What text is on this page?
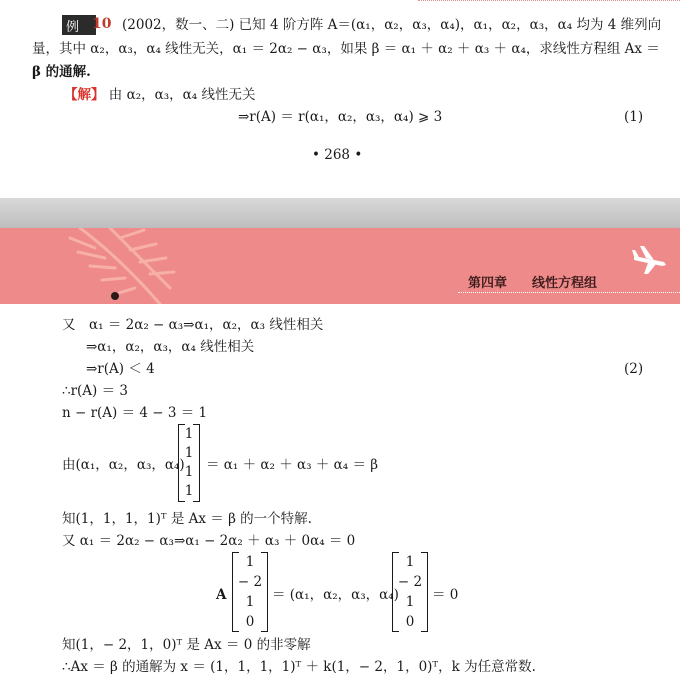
例 10 (2002，数一、二) 已知 4 阶方阵 A＝(α₁，α₂，α₃，α₄)，α₁，α₂，α₃，α₄ 均为 4 维列向
量，其中 α₂，α₃，α₄ 线性无关，α₁ ＝ 2α₂ − α₃，如果 β ＝ α₁ ＋ α₂ ＋ α₃ ＋ α₄，求线性方程组 Ax ＝
β 的通解.
【解】 由 α₂，α₃，α₄ 线性无关
⇒r(A) ＝ r(α₁，α₂，α₃，α₄) ⩾ 3	(1)
• 268 •
第四章 线性方程组
又　α₁ ＝ 2α₂ − α₃⇒α₁，α₂，α₃ 线性相关
⇒α₁，α₂，α₃，α₄ 线性相关
⇒r(A) ＜ 4	(2)
∴r(A) ＝ 3
n − r(A) ＝ 4 − 3 ＝ 1
由(α₁，α₂，α₃，α₄)
1
1
1
1
＝ α₁ ＋ α₂ ＋ α₃ ＋ α₄ ＝ β
知(1，1，1，1)ᵀ 是 Ax ＝ β 的一个特解.
又 α₁ ＝ 2α₂ − α₃⇒α₁ − 2α₂ ＋ α₃ ＋ 0α₄ ＝ 0
A
1
− 2
1
0
＝ (α₁，α₂，α₃，α₄)
1
− 2
1
0
＝ 0
知(1，− 2，1，0)ᵀ 是 Ax ＝ 0 的非零解
∴Ax ＝ β 的通解为 x ＝ (1，1，1，1)ᵀ ＋ k(1，− 2，1，0)ᵀ，k 为任意常数.
